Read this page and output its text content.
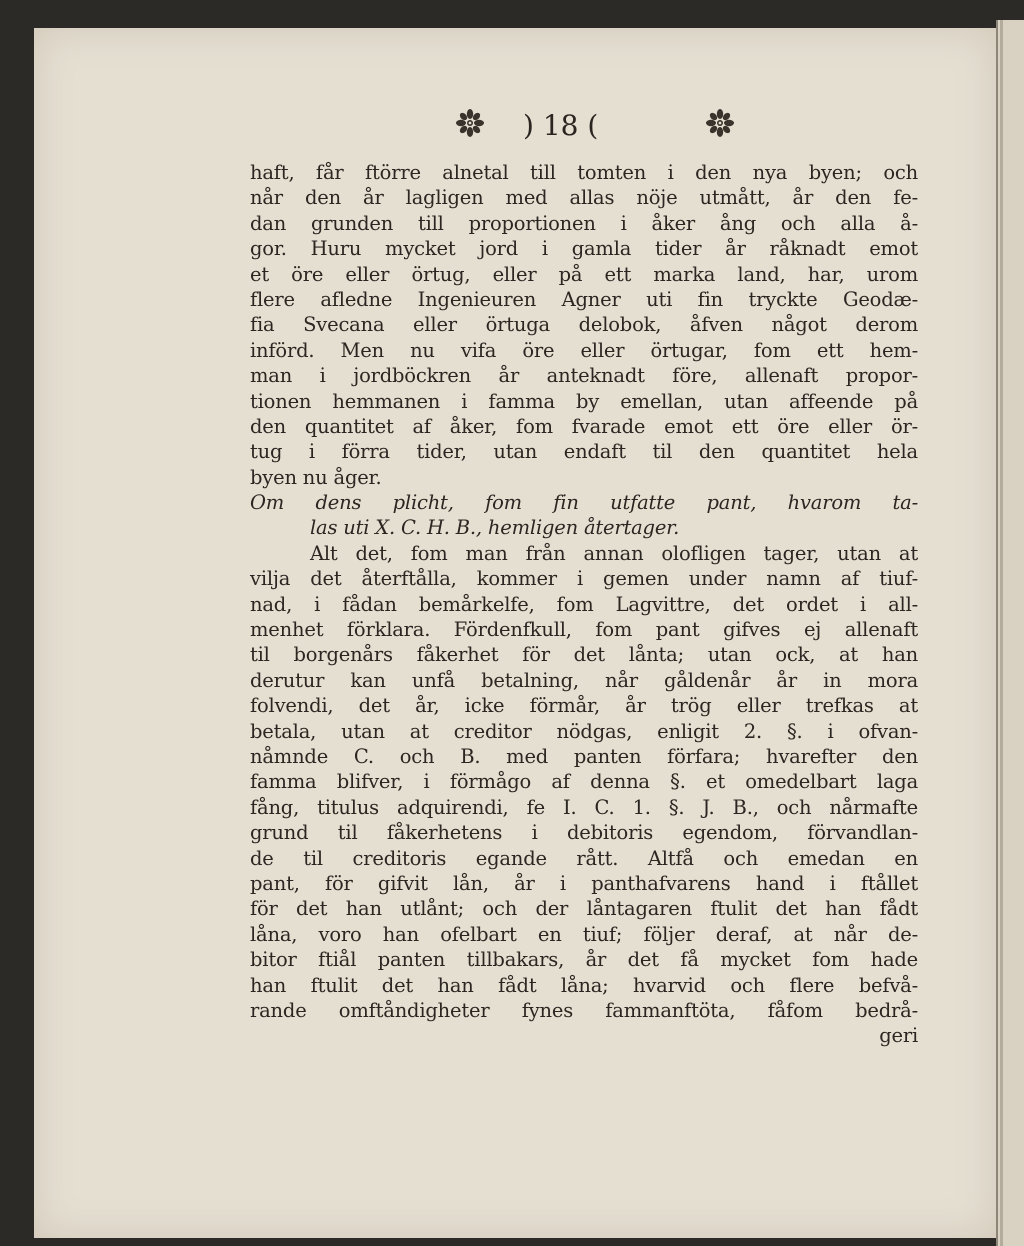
) 18 (
haft, får ftörre alnetal till tomten i den nya byen; och
når den år lagligen med allas nöje utmått, år den fe-
dan grunden till proportionen i åker ång och alla å-
gor. Huru mycket jord i gamla tider år råknadt emot
et öre eller örtug, eller på ett marka land, har, urom
flere afledne Ingenieuren Agner uti fin tryckte Geodæ-
fia Svecana eller örtuga delobok, åfven något derom
införd. Men nu vifa öre eller örtugar, fom ett hem-
man i jordböckren år anteknadt före, allenaft propor-
tionen hemmanen i famma by emellan, utan affeende på
den quantitet af åker, fom fvarade emot ett öre eller ör-
tug i förra tider, utan endaft til den quantitet hela
byen nu åger.
Om dens plicht, fom fin utfatte pant, hvarom ta-
las uti X. C. H. B., hemligen återtager.
Alt det, fom man från annan olofligen tager, utan at
vilja det återftålla, kommer i gemen under namn af tiuf-
nad, i fådan bemårkelfe, fom Lagvittre, det ordet i all-
menhet förklara. Fördenfkull, fom pant gifves ej allenaft
til borgenårs fåkerhet för det lånta; utan ock, at han
derutur kan unfå betalning, når gåldenår år in mora
folvendi, det år, icke förmår, år trög eller trefkas at
betala, utan at creditor nödgas, enligit 2. §. i ofvan-
nåmnde C. och B. med panten förfara; hvarefter den
famma blifver, i förmågo af denna §. et omedelbart laga
fång, titulus adquirendi, fe I. C. 1. §. J. B., och nårmafte
grund til fåkerhetens i debitoris egendom, förvandlan-
de til creditoris egande rått. Altfå och emedan en
pant, för gifvit lån, år i panthafvarens hand i ftållet
för det han utlånt; och der låntagaren ftulit det han fådt
låna, voro han ofelbart en tiuf; följer deraf, at når de-
bitor ftiål panten tillbakars, år det få mycket fom hade
han ftulit det han fådt låna; hvarvid och flere befvå-
rande omftåndigheter fynes fammanftöta, fåfom bedrå-
geri
